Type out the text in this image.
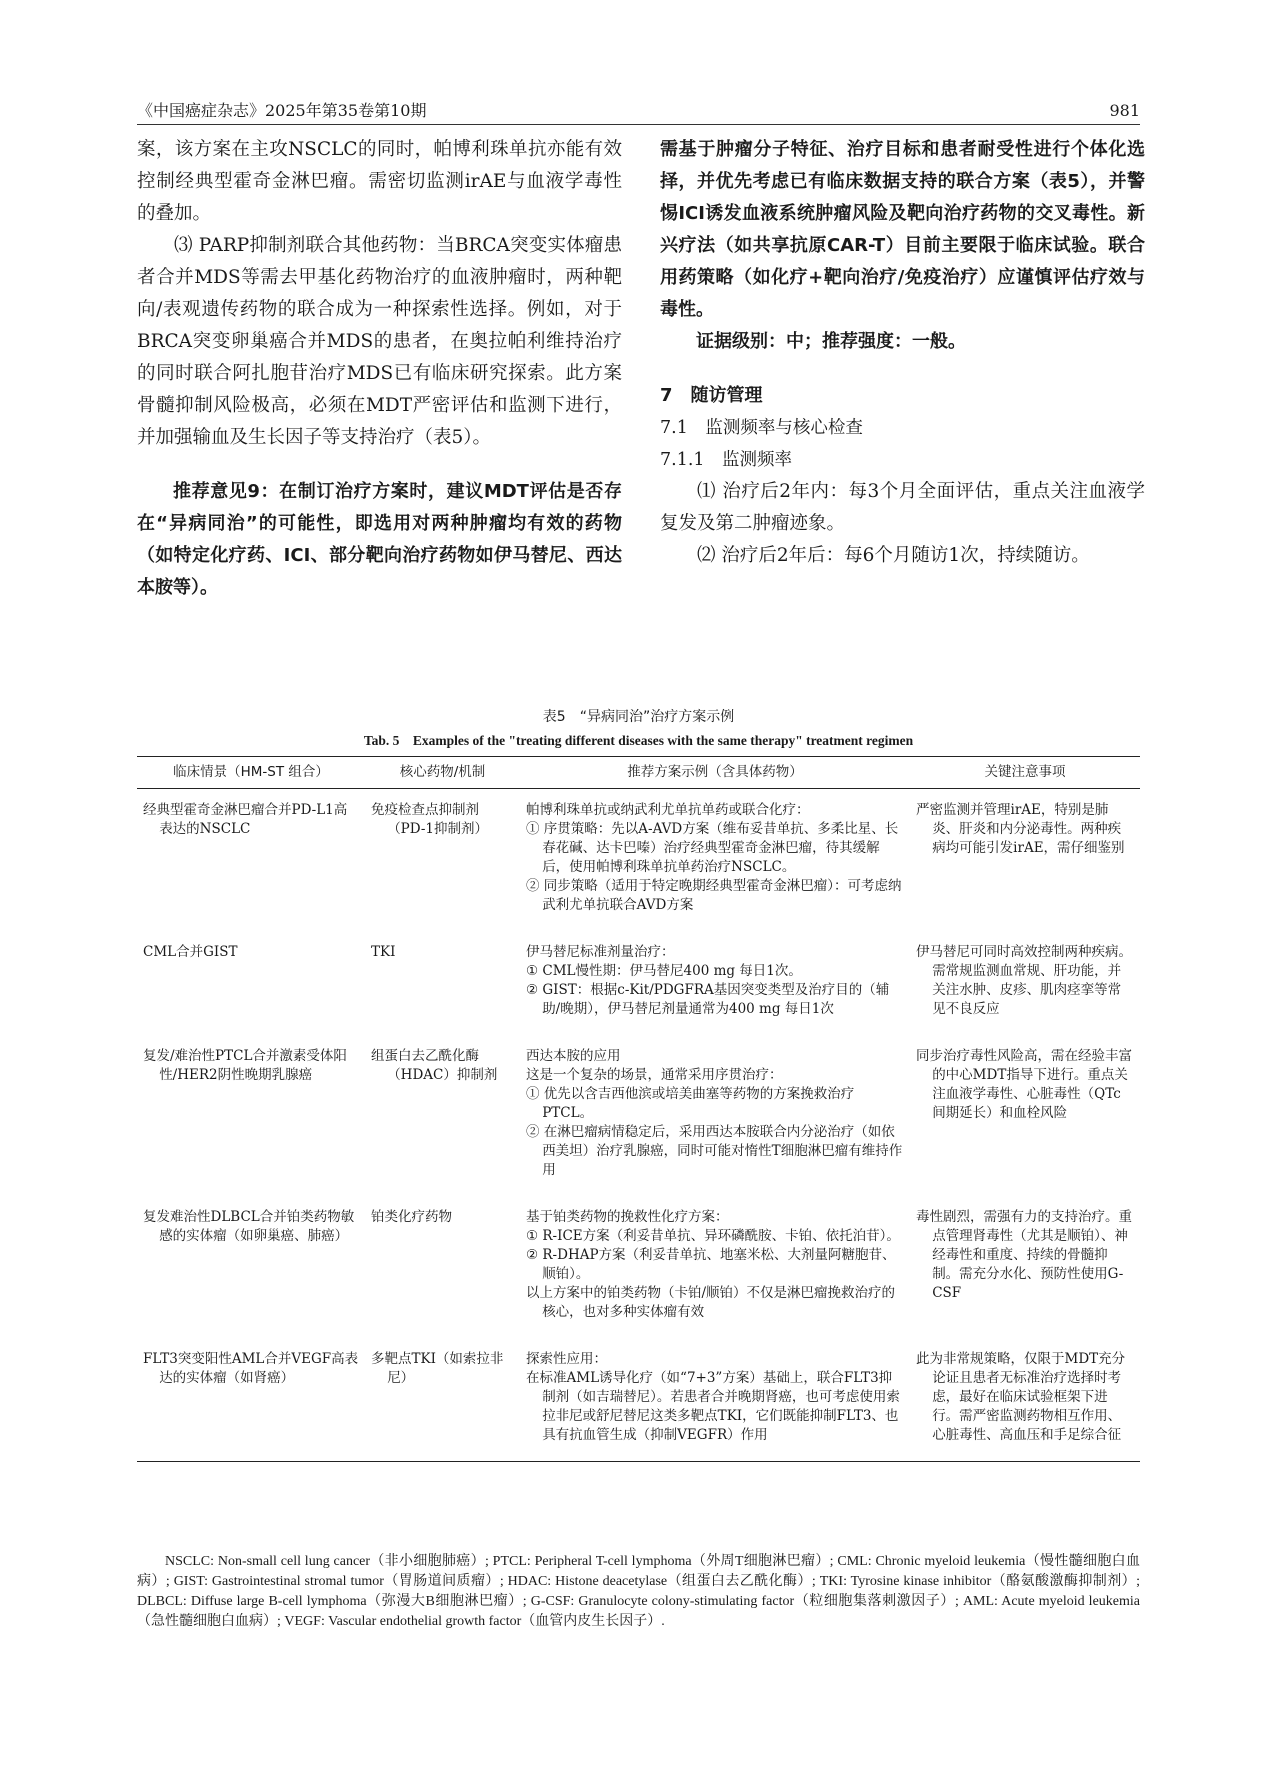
《中国癌症杂志》2025年第35卷第10期	981

案，该方案在主攻NSCLC的同时，帕博利珠单抗亦能有效控制经典型霍奇金淋巴瘤。需密切监测irAE与血液学毒性的叠加。

⑶ PARP抑制剂联合其他药物：当BRCA突变实体瘤患者合并MDS等需去甲基化药物治疗的血液肿瘤时，两种靶向/表观遗传药物的联合成为一种探索性选择。例如，对于BRCA突变卵巢癌合并MDS的患者，在奥拉帕利维持治疗的同时联合阿扎胞苷治疗MDS已有临床研究探索。此方案骨髓抑制风险极高，必须在MDT严密评估和监测下进行，并加强输血及生长因子等支持治疗（表5）。

推荐意见9：在制订治疗方案时，建议MDT评估是否存在“异病同治”的可能性，即选用对两种肿瘤均有效的药物（如特定化疗药、ICI、部分靶向治疗药物如伊马替尼、西达本胺等）。

需基于肿瘤分子特征、治疗目标和患者耐受性进行个体化选择，并优先考虑已有临床数据支持的联合方案（表5），并警惕ICI诱发血液系统肿瘤风险及靶向治疗药物的交叉毒性。新兴疗法（如共享抗原CAR-T）目前主要限于临床试验。联合用药策略（如化疗+靶向治疗/免疫治疗）应谨慎评估疗效与毒性。

证据级别：中；推荐强度：一般。

7　随访管理

7.1　监测频率与核心检查

7.1.1　监测频率

⑴ 治疗后2年内：每3个月全面评估，重点关注血液学复发及第二肿瘤迹象。

⑵ 治疗后2年后：每6个月随访1次，持续随访。

表5　“异病同治”治疗方案示例
Tab. 5　Examples of the "treating different diseases with the same therapy" treatment regimen
临床情景（HM-ST 组合）	核心药物/机制	推荐方案示例（含具体药物）	关键注意事项

经典型霍奇金淋巴瘤合并PD-L1高表达的NSCLC	免疫检查点抑制剂（PD-1抑制剂）	帕博利珠单抗或纳武利尤单抗单药或联合化疗：
① 序贯策略：先以A-AVD方案（维布妥昔单抗、多柔比星、长春花碱、达卡巴嗪）治疗经典型霍奇金淋巴瘤，待其缓解后，使用帕博利珠单抗单药治疗NSCLC。
② 同步策略（适用于特定晚期经典型霍奇金淋巴瘤）：可考虑纳武利尤单抗联合AVD方案	严密监测并管理irAE，特别是肺炎、肝炎和内分泌毒性。两种疾病均可能引发irAE，需仔细鉴别

CML合并GIST	TKI	伊马替尼标准剂量治疗：
① CML慢性期：伊马替尼400 mg 每日1次。
② GIST：根据c-Kit/PDGFRA基因突变类型及治疗目的（辅助/晚期），伊马替尼剂量通常为400 mg 每日1次	伊马替尼可同时高效控制两种疾病。需常规监测血常规、肝功能，并关注水肿、皮疹、肌肉痉挛等常见不良反应

复发/难治性PTCL合并激素受体阳性/HER2阴性晚期乳腺癌	组蛋白去乙酰化酶（HDAC）抑制剂	西达本胺的应用
这是一个复杂的场景，通常采用序贯治疗：
① 优先以含吉西他滨或培美曲塞等药物的方案挽救治疗PTCL。
② 在淋巴瘤病情稳定后，采用西达本胺联合内分泌治疗（如依西美坦）治疗乳腺癌，同时可能对惰性T细胞淋巴瘤有维持作用	同步治疗毒性风险高，需在经验丰富的中心MDT指导下进行。重点关注血液学毒性、心脏毒性（QTc间期延长）和血栓风险

复发难治性DLBCL合并铂类药物敏感的实体瘤（如卵巢癌、肺癌）	铂类化疗药物	基于铂类药物的挽救性化疗方案：
① R-ICE方案（利妥昔单抗、异环磷酰胺、卡铂、依托泊苷）。
② R-DHAP方案（利妥昔单抗、地塞米松、大剂量阿糖胞苷、顺铂）。
以上方案中的铂类药物（卡铂/顺铂）不仅是淋巴瘤挽救治疗的核心，也对多种实体瘤有效	毒性剧烈，需强有力的支持治疗。重点管理肾毒性（尤其是顺铂）、神经毒性和重度、持续的骨髓抑制。需充分水化、预防性使用G-CSF

FLT3突变阳性AML合并VEGF高表达的实体瘤（如肾癌）	多靶点TKI（如索拉非尼）	探索性应用：
在标准AML诱导化疗（如“7+3”方案）基础上，联合FLT3抑制剂（如吉瑞替尼）。若患者合并晚期肾癌，也可考虑使用索拉非尼或舒尼替尼这类多靶点TKI，它们既能抑制FLT3、也具有抗血管生成（抑制VEGFR）作用	此为非常规策略，仅限于MDT充分论证且患者无标准治疗选择时考虑，最好在临床试验框架下进行。需严密监测药物相互作用、心脏毒性、高血压和手足综合征
NSCLC: Non-small cell lung cancer（非小细胞肺癌）; PTCL: Peripheral T-cell lymphoma（外周T细胞淋巴瘤）; CML: Chronic myeloid leukemia（慢性髓细胞白血病）; GIST: Gastrointestinal stromal tumor（胃肠道间质瘤）; HDAC: Histone deacetylase（组蛋白去乙酰化酶）; TKI: Tyrosine kinase inhibitor（酪氨酸激酶抑制剂）; DLBCL: Diffuse large B-cell lymphoma（弥漫大B细胞淋巴瘤）; G-CSF: Granulocyte colony-stimulating factor（粒细胞集落刺激因子）; AML: Acute myeloid leukemia（急性髓细胞白血病）; VEGF: Vascular endothelial growth factor（血管内皮生长因子）.
